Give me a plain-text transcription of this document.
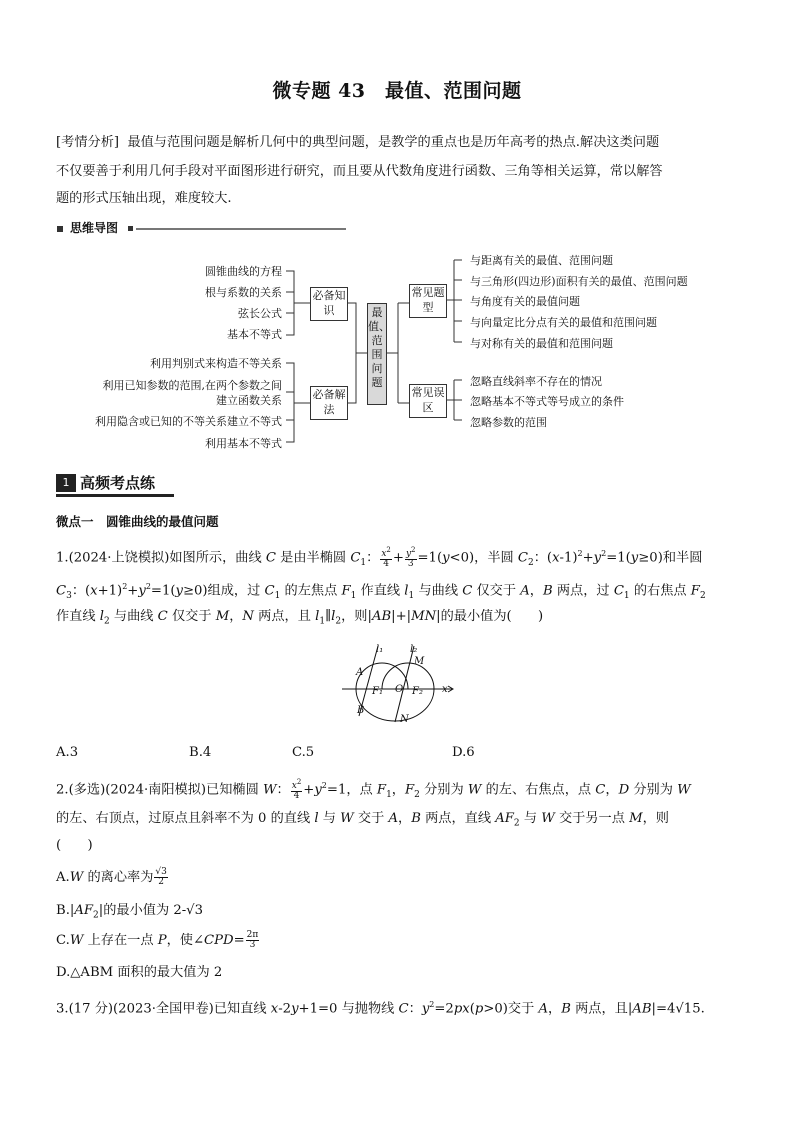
微专题 43　最值、范围问题
[考情分析] 最值与范围问题是解析几何中的典型问题，是教学的重点也是历年高考的热点.解决这类问题
不仅要善于利用几何手段对平面图形进行研究，而且要从代数角度进行函数、三角等相关运算，常以解答
题的形式压轴出现，难度较大.
思维导图
圆锥曲线的方程
根与系数的关系
弦长公式
基本不等式
利用判别式来构造不等关系
利用已知参数的范围,在两个参数之间
建立函数关系
利用隐含或已知的不等关系建立不等式
利用基本不等式
必备知识
必备解法
最值、范围问题
常见题型
常见误区
与距离有关的最值、范围问题
与三角形(四边形)面积有关的最值、范围问题
与角度有关的最值问题
与向量定比分点有关的最值和范围问题
与对称有关的最值和范围问题
忽略直线斜率不存在的情况
忽略基本不等式等号成立的条件
忽略参数的范围
1 高频考点练
微点一　圆锥曲线的最值问题
1.(2024·上饶模拟)如图所示，曲线 C 是由半椭圆 $C_1$： $\frac{x^2}{4} + \frac{y^2}{3} =1(y<0)$，半圆 $C_2$：$(x-1)^2+y^2=1(y\ge 0)$和半圆
$C_3$：$(x+1)^2+y^2=1(y\ge 0)$组成，过 $C_1$ 的左焦点 $F_1$ 作直线 $l_1$ 与曲线 C 仅交于 A，B 两点，过 $C_1$ 的右焦点 $F_2$
作直线 $l_2$ 与曲线 C 仅交于 M，N 两点，且 $l_1\parallel l_2$，则|AB|+|MN|的最小值为(　　)
l₁	l₂
M
A
F₁ O F₂ x
B
N
A.3	B.4	C.5	D.6
2.(多选)(2024·南阳模拟)已知椭圆 W： $\frac{x^2}{4} +y^2=1$，点 $F_1$，$F_2$ 分别为 W 的左、右焦点，点 C，D 分别为 W
的左、右顶点，过原点且斜率不为 0 的直线 l 与 W 交于 A，B 两点，直线 $AF_2$ 与 W 交于另一点 M，则
(　　)
A.W 的离心率为 $\frac{√3}{2}$
$B.|AF_2|$的最小值为 2-√3
C.W 上存在一点 P，使∠CPD= $\frac{2\pi}{3}$
D.△ABM 面积的最大值为 2
3.(17 分)(2023·全国甲卷)已知直线 x-2y+1=0 与抛物线 C：$y^2=2px(p>0)$交于 A，B 两点，且|AB|=4√15.
